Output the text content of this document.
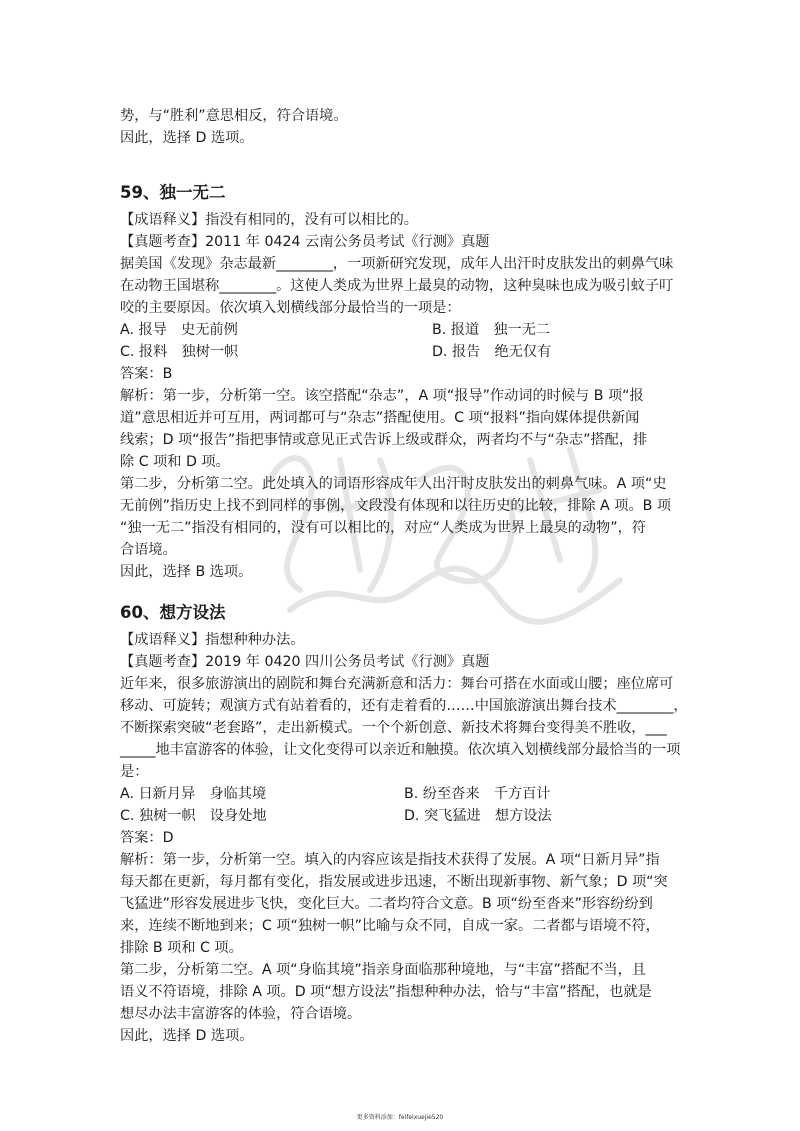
势，与“胜利”意思相反，符合语境。

因此，选择 D 选项。

59、独一无二

【成语释义】指没有相同的，没有可以相比的。

【真题考查】2011 年 0424 云南公务员考试《行测》真题

据美国《发现》杂志最新________，一项新研究发现，成年人出汗时皮肤发出的刺鼻气味

在动物王国堪称________。这使人类成为世界上最臭的动物，这种臭味也成为吸引蚊子叮

咬的主要原因。依次填入划横线部分最恰当的一项是：

A. 报导　史无前例	B. 报道　独一无二
C. 报料　独树一帜	D. 报告　绝无仅有

答案：B

解析：第一步，分析第一空。该空搭配“杂志”，A 项“报导”作动词的时候与 B 项“报

道”意思相近并可互用，两词都可与“杂志”搭配使用。C 项“报料”指向媒体提供新闻

线索；D 项“报告”指把事情或意见正式告诉上级或群众，两者均不与“杂志”搭配，排

除 C 项和 D 项。

第二步，分析第二空。此处填入的词语形容成年人出汗时皮肤发出的刺鼻气味。A 项“史

无前例”指历史上找不到同样的事例，文段没有体现和以往历史的比较，排除 A 项。B 项

“独一无二”指没有相同的，没有可以相比的，对应“人类成为世界上最臭的动物”，符

合语境。

因此，选择 B 选项。

60、想方设法

【成语释义】指想种种办法。

【真题考查】2019 年 0420 四川公务员考试《行测》真题

近年来，很多旅游演出的剧院和舞台充满新意和活力：舞台可搭在水面或山腰；座位席可

移动、可旋转；观演方式有站着看的，还有走着看的……中国旅游演出舞台技术________，

不断探索突破“老套路”，走出新模式。一个个新创意、新技术将舞台变得美不胜收，___

_____地丰富游客的体验，让文化变得可以亲近和触摸。依次填入划横线部分最恰当的一项

是：

A. 日新月异　身临其境	B. 纷至沓来　千方百计
C. 独树一帜　设身处地	D. 突飞猛进　想方设法

答案：D

解析：第一步，分析第一空。填入的内容应该是指技术获得了发展。A 项“日新月异”指

每天都在更新，每月都有变化，指发展或进步迅速，不断出现新事物、新气象；D 项“突

飞猛进”形容发展进步飞快，变化巨大。二者均符合文意。B 项“纷至沓来”形容纷纷到

来，连续不断地到来；C 项“独树一帜”比喻与众不同，自成一家。二者都与语境不符，

排除 B 项和 C 项。

第二步，分析第二空。A 项“身临其境”指亲身面临那种境地，与“丰富”搭配不当，且

语义不符语境，排除 A 项。D 项“想方设法”指想种种办法，恰与“丰富”搭配，也就是

想尽办法丰富游客的体验，符合语境。

因此，选择 D 选项。

更多资料添加：feifeixuejie520
